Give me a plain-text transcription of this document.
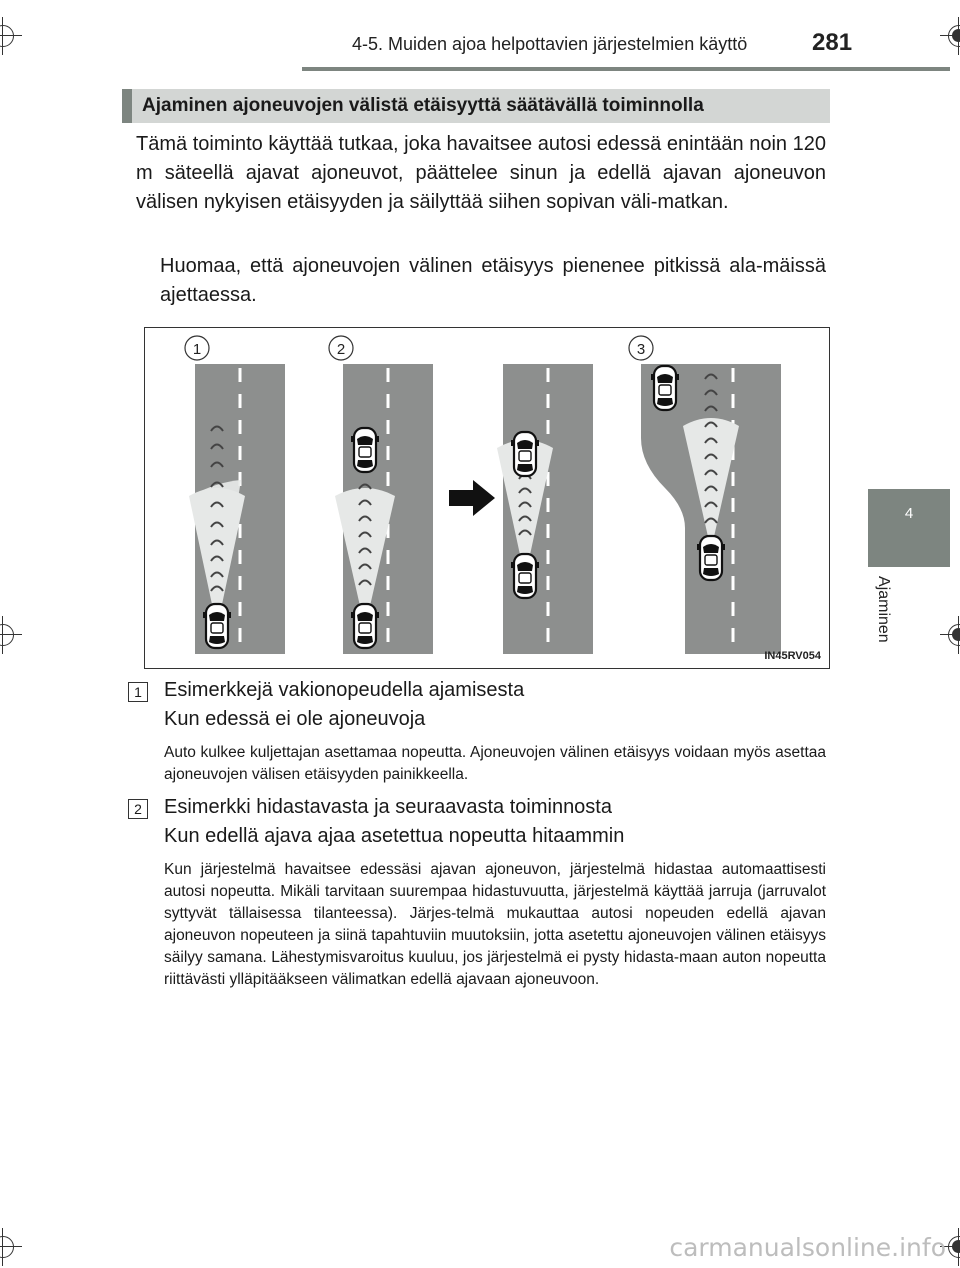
4-5. Muiden ajoa helpottavien järjestelmien käyttö	281
4
Ajaminen
Ajaminen ajoneuvojen välistä etäisyyttä säätävällä toiminnolla

Tämä toiminto käyttää tutkaa, joka havaitsee autosi edessä enintään noin 120 m säteellä ajavat ajoneuvot, päättelee sinun ja edellä ajavan ajoneuvon välisen nykyisen etäisyyden ja säilyttää siihen sopivan väli-matkan.

Huomaa, että ajoneuvojen välinen etäisyys pienenee pitkissä ala-mäissä ajettaessa.

1	2	3
IN45RV054
1	Esimerkkejä vakionopeudella ajamisesta
Kun edessä ei ole ajoneuvoja

Auto kulkee kuljettajan asettamaa nopeutta. Ajoneuvojen välinen etäisyys voidaan myös asettaa ajoneuvojen välisen etäisyyden painikkeella.

2	Esimerkki hidastavasta ja seuraavasta toiminnosta
Kun edellä ajava ajaa asetettua nopeutta hitaammin

Kun järjestelmä havaitsee edessäsi ajavan ajoneuvon, järjestelmä hidastaa automaattisesti autosi nopeutta. Mikäli tarvitaan suurempaa hidastuvuutta, järjestelmä käyttää jarruja (jarruvalot syttyvät tällaisessa tilanteessa). Järjes-telmä mukauttaa autosi nopeuden edellä ajavan ajoneuvon nopeuteen ja siinä tapahtuviin muutoksiin, jotta asetettu ajoneuvojen välinen etäisyys säilyy samana. Lähestymisvaroitus kuuluu, jos järjestelmä ei pysty hidasta-maan auton nopeutta riittävästi ylläpitääkseen välimatkan edellä ajavaan ajoneuvoon.

carmanualsonline.info
